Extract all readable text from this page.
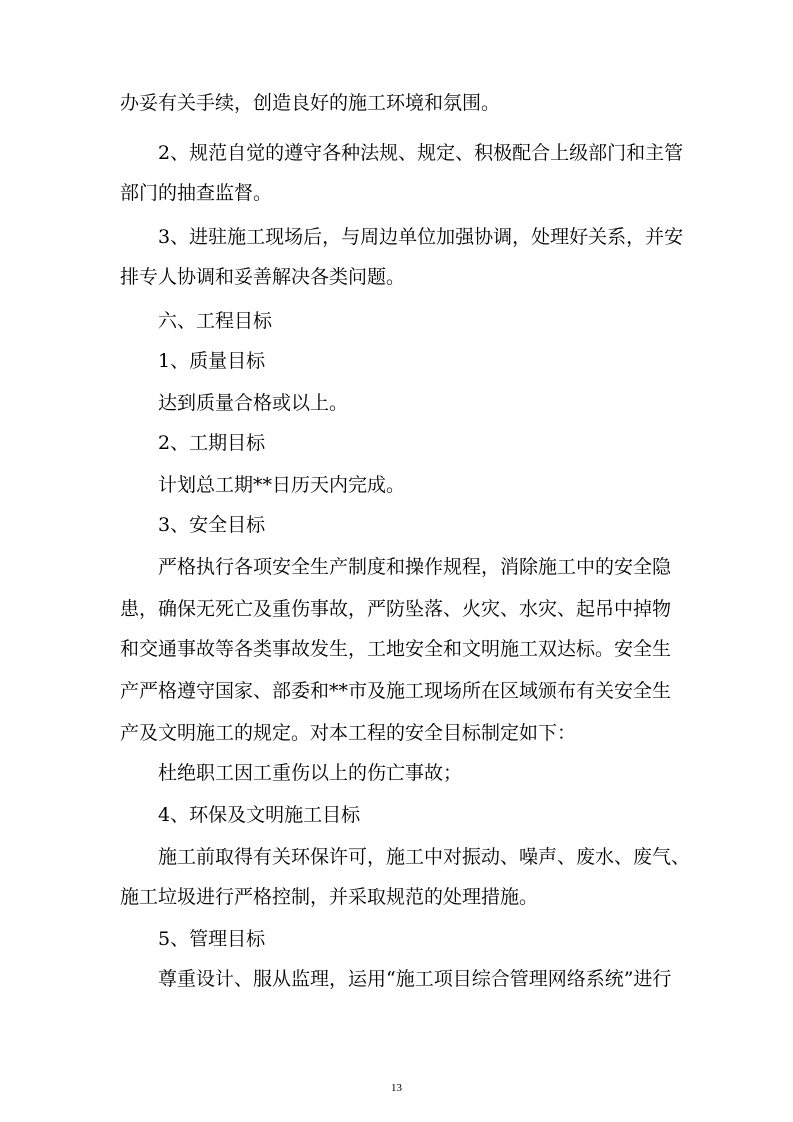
办妥有关手续，创造良好的施工环境和氛围。
2、规范自觉的遵守各种法规、规定、积极配合上级部门和主管
部门的抽查监督。
3、进驻施工现场后，与周边单位加强协调，处理好关系，并安
排专人协调和妥善解决各类问题。
六、工程目标
1、质量目标
达到质量合格或以上。
2、工期目标
计划总工期**日历天内完成。
3、安全目标
严格执行各项安全生产制度和操作规程，消除施工中的安全隐
患，确保无死亡及重伤事故，严防坠落、火灾、水灾、起吊中掉物
和交通事故等各类事故发生，工地安全和文明施工双达标。安全生
产严格遵守国家、部委和**市及施工现场所在区域颁布有关安全生
产及文明施工的规定。对本工程的安全目标制定如下：
杜绝职工因工重伤以上的伤亡事故；
4、环保及文明施工目标
施工前取得有关环保许可，施工中对振动、噪声、废水、废气、
施工垃圾进行严格控制，并采取规范的处理措施。
5、管理目标
尊重设计、服从监理，运用“施工项目综合管理网络系统”进行
13
